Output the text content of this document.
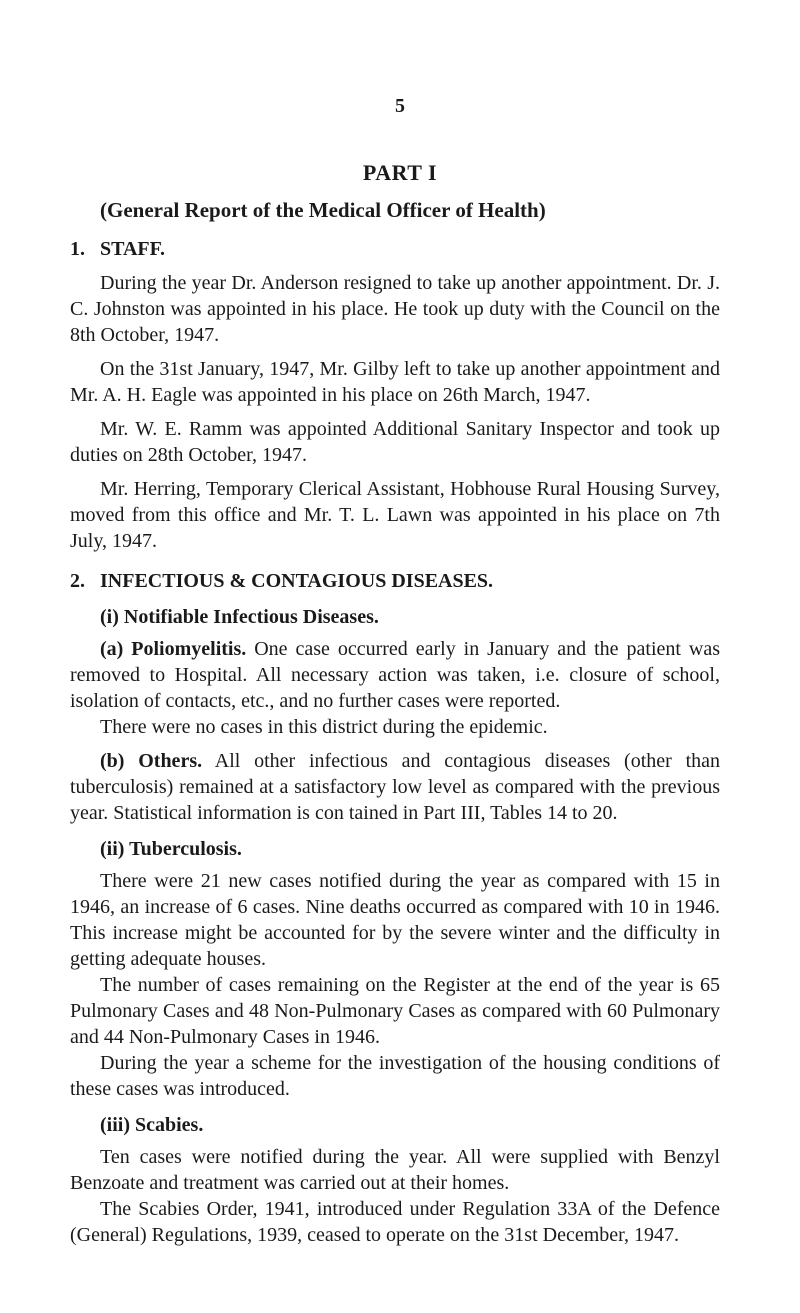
5
PART I
(General Report of the Medical Officer of Health)
1. STAFF.

During the year Dr. Anderson resigned to take up another appointment. Dr. J. C. Johnston was appointed in his place. He took up duty with the Council on the 8th October, 1947.

On the 31st January, 1947, Mr. Gilby left to take up another appointment and Mr. A. H. Eagle was appointed in his place on 26th March, 1947.

Mr. W. E. Ramm was appointed Additional Sanitary Inspector and took up duties on 28th October, 1947.

Mr. Herring, Temporary Clerical Assistant, Hobhouse Rural Housing Survey, moved from this office and Mr. T. L. Lawn was appointed in his place on 7th July, 1947.

2. INFECTIOUS & CONTAGIOUS DISEASES.
(i) Notifiable Infectious Diseases.

(a) Poliomyelitis. One case occurred early in January and the patient was removed to Hospital. All necessary action was taken, i.e. closure of school, isolation of contacts, etc., and no further cases were reported.

There were no cases in this district during the epidemic.

(b) Others. All other infectious and contagious diseases (other than tuberculosis) remained at a satisfactory low level as compared with the previous year. Statistical information is con tained in Part III, Tables 14 to 20.

(ii) Tuberculosis.

There were 21 new cases notified during the year as compared with 15 in 1946, an increase of 6 cases. Nine deaths occurred as compared with 10 in 1946. This increase might be accounted for by the severe winter and the difficulty in getting adequate houses.

The number of cases remaining on the Register at the end of the year is 65 Pulmonary Cases and 48 Non-Pulmonary Cases as compared with 60 Pulmonary and 44 Non-Pulmonary Cases in 1946.

During the year a scheme for the investigation of the housing conditions of these cases was introduced.

(iii) Scabies.

Ten cases were notified during the year. All were supplied with Benzyl Benzoate and treatment was carried out at their homes.

The Scabies Order, 1941, introduced under Regulation 33A of the Defence (General) Regulations, 1939, ceased to operate on the 31st December, 1947.
